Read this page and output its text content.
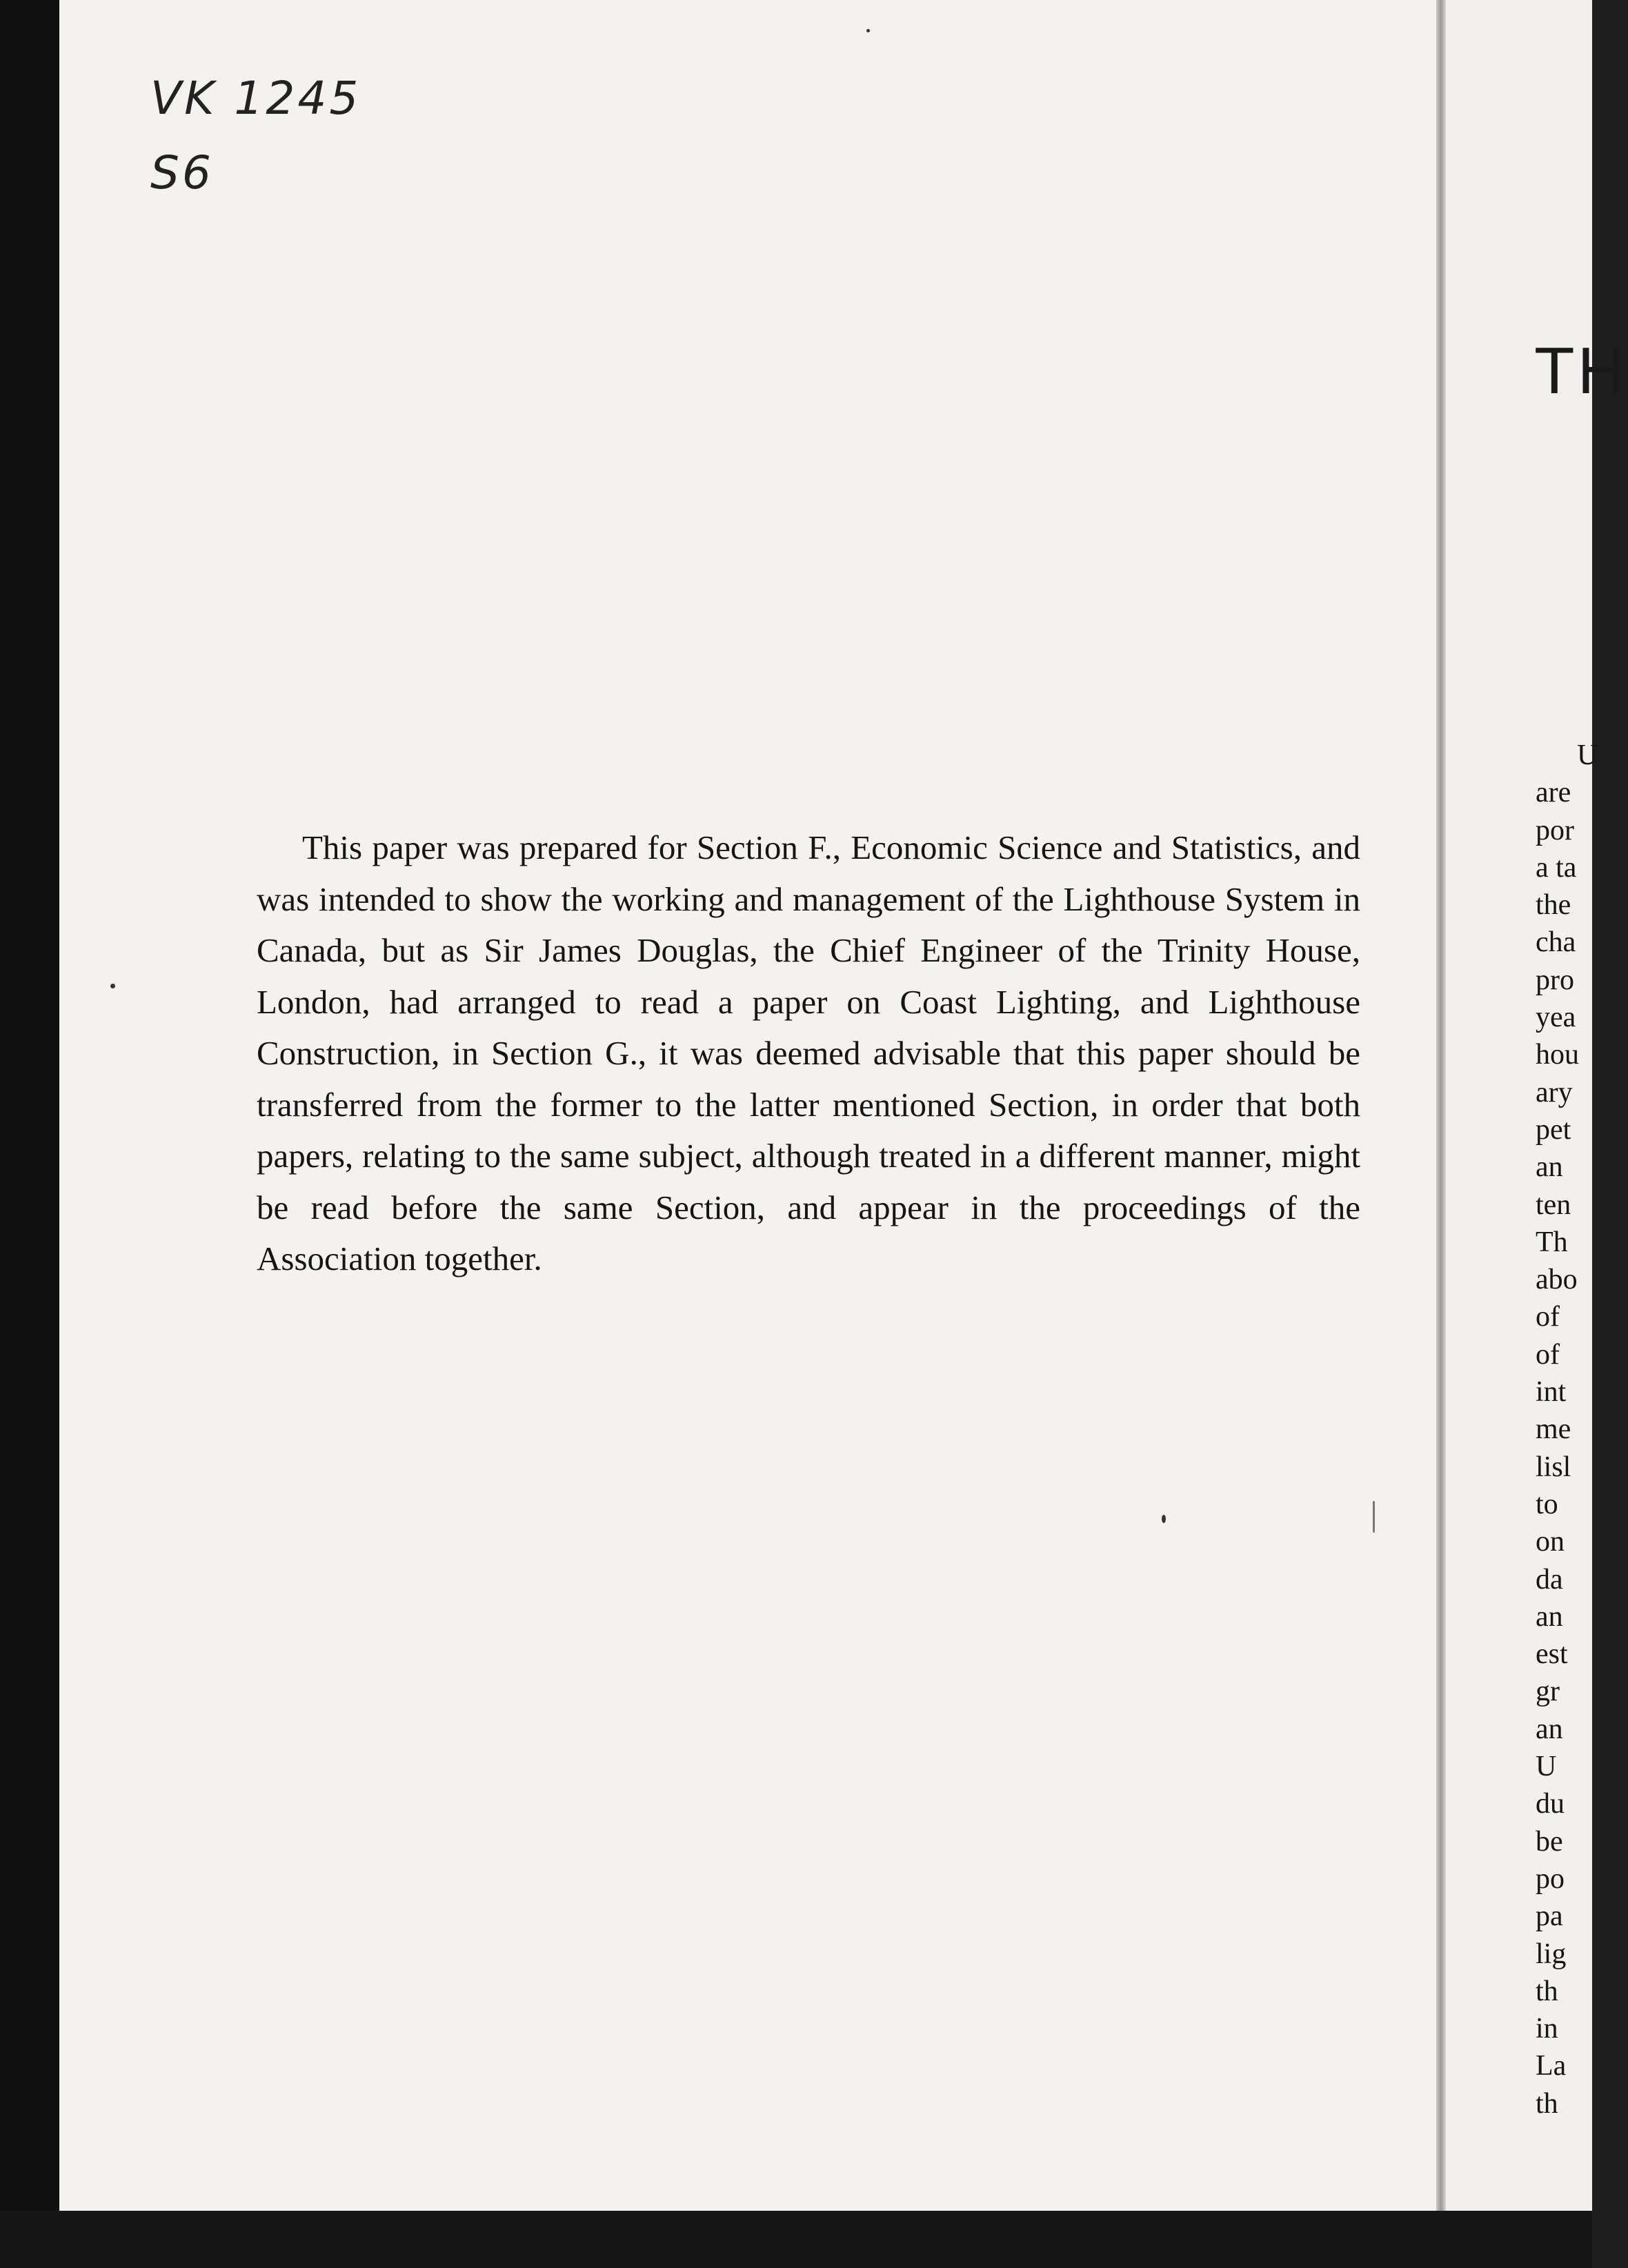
VK 1245

S6

This paper was prepared for Section F., Economic Science and Statistics, and was intended to show the working and management of the Lighthouse System in Canada, but as Sir James Douglas, the Chief Engineer of the Trinity House, London, had arranged to read a paper on Coast Lighting, and Lighthouse Construction, in Section G., it was deemed advisable that this paper should be transferred from the former to the latter mentioned Section, in order that both papers, relating to the same subject, although treated in a different manner, might be read before the same Section, and appear in the proceedings of the Association together.

TH
U
are
por
a ta
the
cha
pro
yea
hou
ary
pet
an
ten
Th
abo
of
of
int
me
lisl
to
on
da
an
est
gr
an
U
du
be
po
pa
lig
th
in
La
th
